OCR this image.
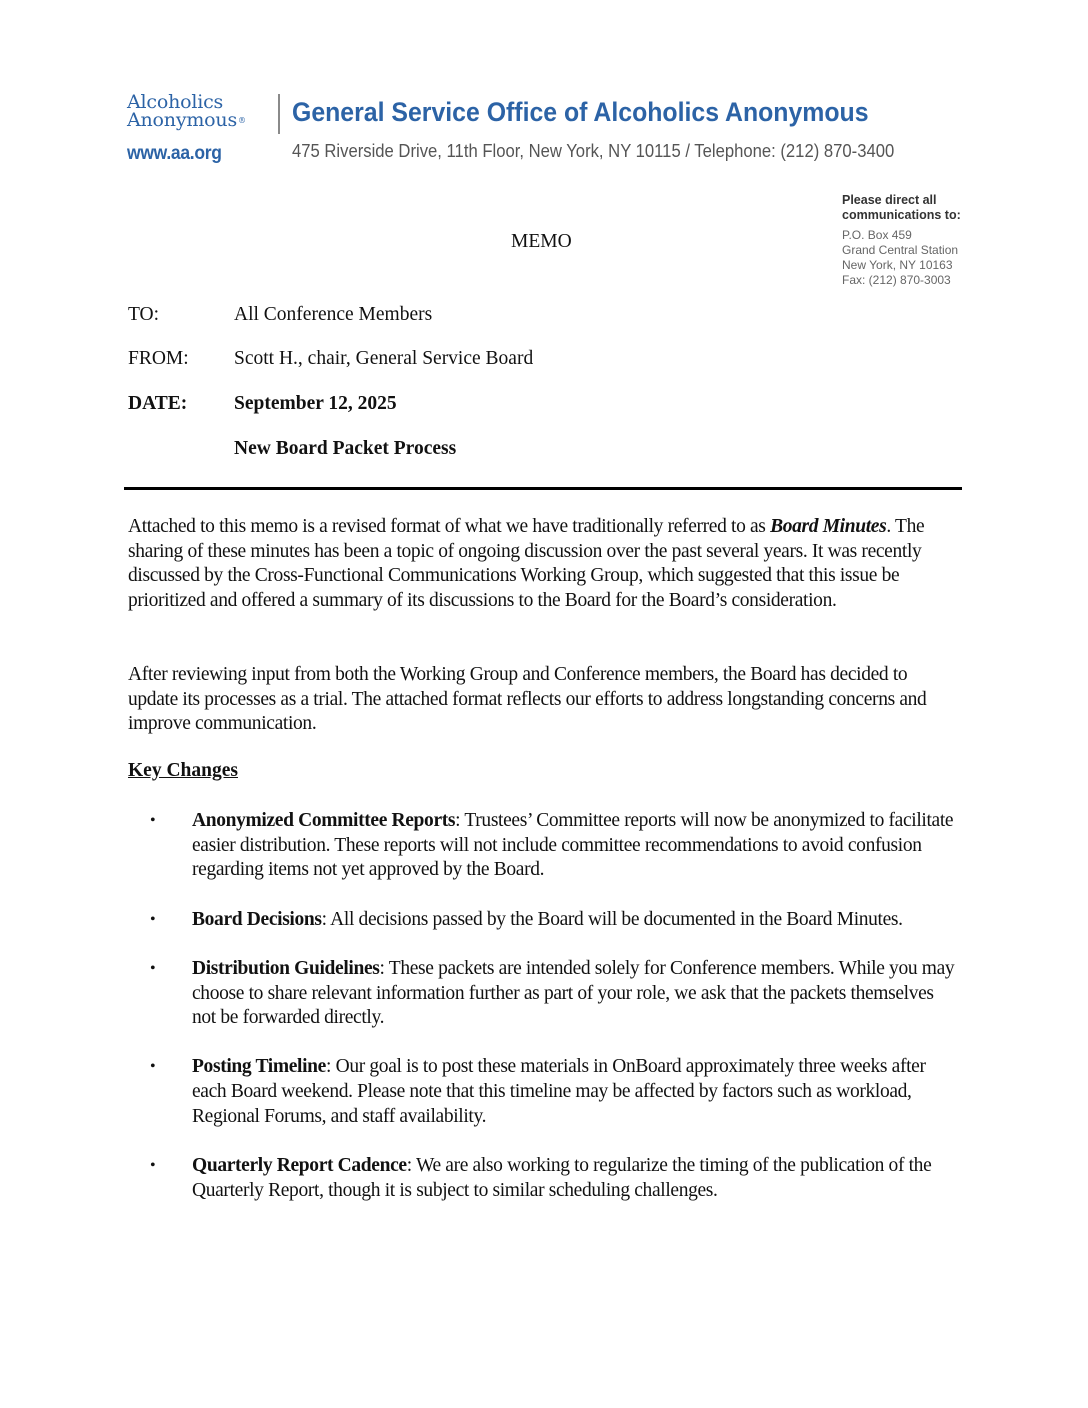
Alcoholics
Anonymous®
www.aa.org
General Service Office of Alcoholics Anonymous
475 Riverside Drive, 11th Floor, New York, NY 10115 / Telephone: (212) 870-3400
Please direct all
communications to:
P.O. Box 459
Grand Central Station
New York, NY 10163
Fax: (212) 870-3003
MEMO
TO:	All Conference Members
FROM: Scott H., chair, General Service Board
DATE: September 12, 2025
New Board Packet Process

Attached to this memo is a revised format of what we have traditionally referred to as Board Minutes. The sharing of these minutes has been a topic of ongoing discussion over the past several years. It was recently discussed by the Cross-Functional Communications Working Group, which suggested that this issue be prioritized and offered a summary of its discussions to the Board for the Board’s consideration.

After reviewing input from both the Working Group and Conference members, the Board has decided to update its processes as a trial. The attached format reflects our efforts to address longstanding concerns and improve communication.

Key Changes
• Anonymized Committee Reports: Trustees’ Committee reports will now be anonymized to facilitate easier distribution. These reports will not include committee recommendations to avoid confusion regarding items not yet approved by the Board.
• Board Decisions: All decisions passed by the Board will be documented in the Board Minutes.
• Distribution Guidelines: These packets are intended solely for Conference members. While you may choose to share relevant information further as part of your role, we ask that the packets themselves not be forwarded directly.
• Posting Timeline: Our goal is to post these materials in OnBoard approximately three weeks after each Board weekend. Please note that this timeline may be affected by factors such as workload, Regional Forums, and staff availability.
• Quarterly Report Cadence: We are also working to regularize the timing of the publication of the Quarterly Report, though it is subject to similar scheduling challenges.
